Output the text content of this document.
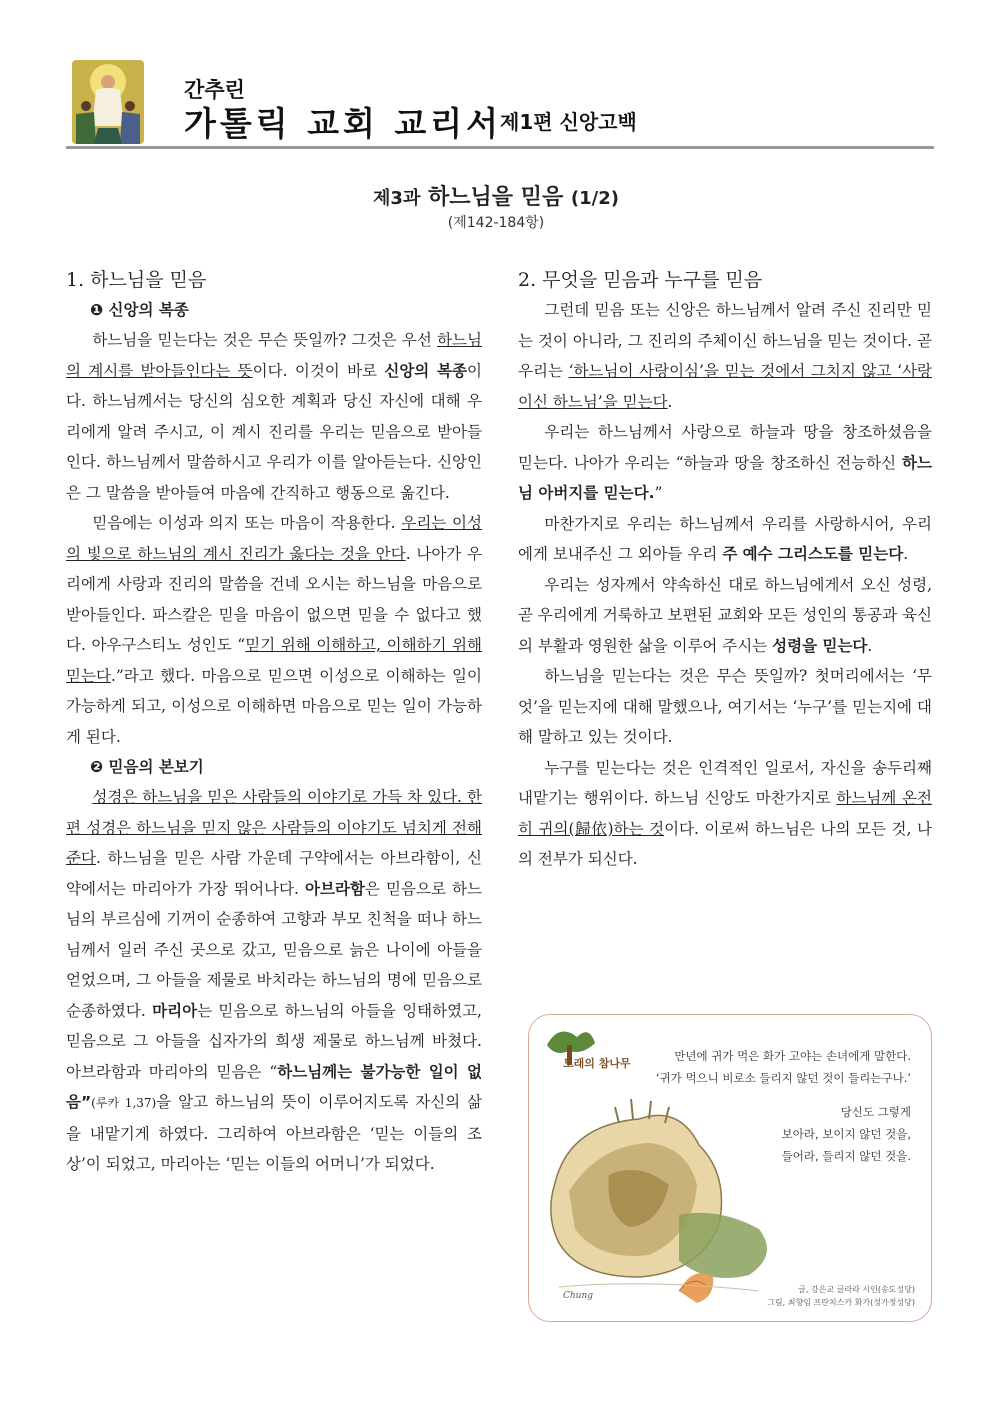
간추린
가톨릭 교회 교리서
제1편 신앙고백
제3과 하느님을 믿음 (1/2)
(제142-184항)
1. 하느님을 믿음
❶ 신앙의 복종

하느님을 믿는다는 것은 무슨 뜻일까? 그것은 우선 하느님의 계시를 받아들인다는 뜻이다. 이것이 바로 신앙의 복종이다. 하느님께서는 당신의 심오한 계획과 당신 자신에 대해 우리에게 알려 주시고, 이 계시 진리를 우리는 믿음으로 받아들인다. 하느님께서 말씀하시고 우리가 이를 알아듣는다. 신앙인은 그 말씀을 받아들여 마음에 간직하고 행동으로 옮긴다.

믿음에는 이성과 의지 또는 마음이 작용한다. 우리는 이성의 빛으로 하느님의 계시 진리가 옳다는 것을 안다. 나아가 우리에게 사랑과 진리의 말씀을 건네 오시는 하느님을 마음으로 받아들인다. 파스칼은 믿을 마음이 없으면 믿을 수 없다고 했다. 아우구스티노 성인도 “믿기 위해 이해하고, 이해하기 위해 믿는다.”라고 했다. 마음으로 믿으면 이성으로 이해하는 일이 가능하게 되고, 이성으로 이해하면 마음으로 믿는 일이 가능하게 된다.

❷ 믿음의 본보기

성경은 하느님을 믿은 사람들의 이야기로 가득 차 있다. 한편 성경은 하느님을 믿지 않은 사람들의 이야기도 넘치게 전해 준다. 하느님을 믿은 사람 가운데 구약에서는 아브라함이, 신약에서는 마리아가 가장 뛰어나다. 아브라함은 믿음으로 하느님의 부르심에 기꺼이 순종하여 고향과 부모 친척을 떠나 하느님께서 일러 주신 곳으로 갔고, 믿음으로 늙은 나이에 아들을 얻었으며, 그 아들을 제물로 바치라는 하느님의 명에 믿음으로 순종하였다. 마리아는 믿음으로 하느님의 아들을 잉태하였고, 믿음으로 그 아들을 십자가의 희생 제물로 하느님께 바쳤다. 아브라함과 마리아의 믿음은 “하느님께는 불가능한 일이 없음”(루카 1,37)을 알고 하느님의 뜻이 이루어지도록 자신의 삶을 내맡기게 하였다. 그리하여 아브라함은 ‘믿는 이들의 조상’이 되었고, 마리아는 ‘믿는 이들의 어머니’가 되었다.

2. 무엇을 믿음과 누구를 믿음

그런데 믿음 또는 신앙은 하느님께서 알려 주신 진리만 믿는 것이 아니라, 그 진리의 주체이신 하느님을 믿는 것이다. 곧 우리는 ‘하느님이 사랑이심’을 믿는 것에서 그치지 않고 ‘사랑이신 하느님’을 믿는다.

우리는 하느님께서 사랑으로 하늘과 땅을 창조하셨음을 믿는다. 나아가 우리는 “하늘과 땅을 창조하신 전능하신 하느님 아버지를 믿는다.”

마찬가지로 우리는 하느님께서 우리를 사랑하시어, 우리에게 보내주신 그 외아들 우리 주 예수 그리스도를 믿는다.

우리는 성자께서 약속하신 대로 하느님에게서 오신 성령, 곧 우리에게 거룩하고 보편된 교회와 모든 성인의 통공과 육신의 부활과 영원한 삶을 이루어 주시는 성령을 믿는다.

하느님을 믿는다는 것은 무슨 뜻일까? 첫머리에서는 ‘무엇’을 믿는지에 대해 말했으나, 여기서는 ‘누구’를 믿는지에 대해 말하고 있는 것이다.

누구를 믿는다는 것은 인격적인 일로서, 자신을 송두리째 내맡기는 행위이다. 하느님 신앙도 마찬가지로 하느님께 온전히 귀의(歸依)하는 것이다. 이로써 하느님은 나의 모든 것, 나의 전부가 되신다.

모래의 참나무
만년에 귀가 먹은 화가 고야는 손녀에게 말한다.
‘귀가 먹으니 비로소 들리지 않던 것이 들리는구나.’
당신도 그렇게
보아라, 보이지 않던 것을,
들어라, 들리지 않던 것을.
Chung
글, 강은교 글라라 시인(송도성당)
그림, 최향임 프란치스카 화가(성가정성당)
